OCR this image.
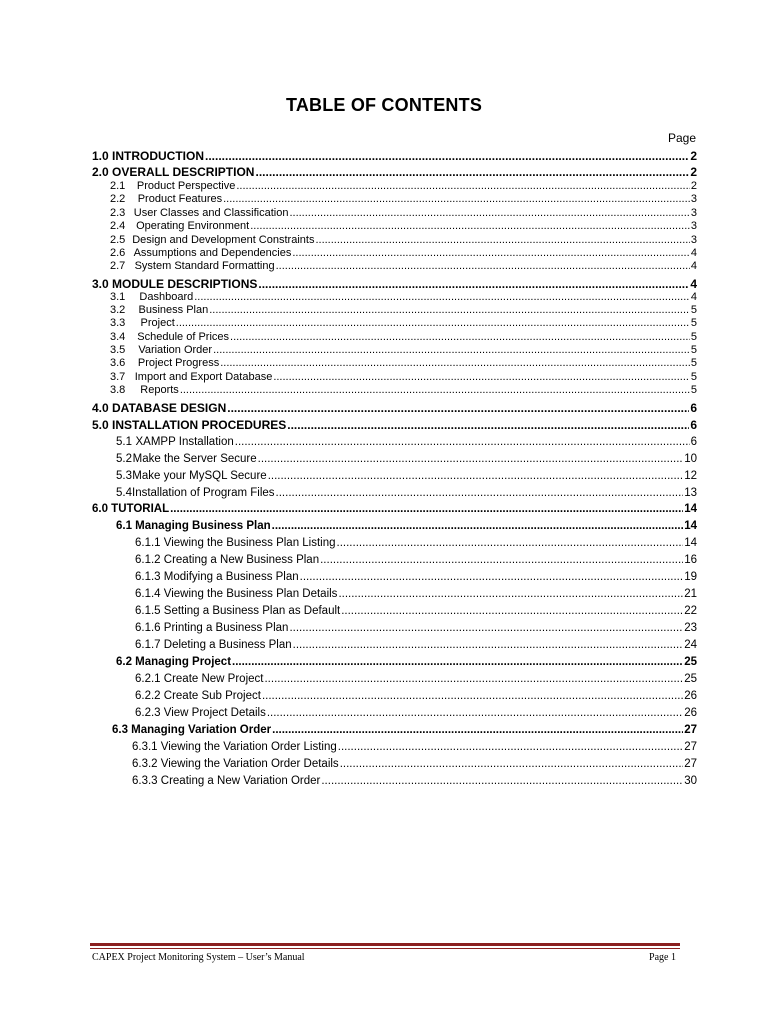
TABLE OF CONTENTS
Page
1.0 INTRODUCTION .....	2
2.0 OVERALL DESCRIPTION .....	2
2.1	Product Perspective .....	2
2.2	Product Features .....	3
2.3 User Classes and Classification .....	3
2.4 Operating Environment .....	3
2.5 Design and Development Constraints .....	3
2.6 Assumptions and Dependencies .....	4
2.7 System Standard Formatting .....	4
3.0 MODULE DESCRIPTIONS .....	4
3.1	Dashboard .....	4
3.2	Business Plan .....	5
3.3	Project .....	5
3.4	Schedule of Prices .....	5
3.5	Variation Order .....	5
3.6	Project Progress .....	5
3.7 Import and Export Database .....	5
3.8	Reports .....	5
4.0 DATABASE DESIGN .....	6
5.0 INSTALLATION PROCEDURES .....	6
5.1 XAMPP Installation .....	6
5.2 Make the Server Secure .....	10
5.3 Make your MySQL Secure .....	12
5.4 Installation of Program Files .....	13
6.0 TUTORIAL .....	14
6.1 Managing Business Plan .....	14
6.1.1 Viewing the Business Plan Listing .....	14
6.1.2 Creating a New Business Plan .....	16
6.1.3 Modifying a Business Plan .....	19
6.1.4 Viewing the Business Plan Details .....	21
6.1.5 Setting a Business Plan as Default .....	22
6.1.6 Printing a Business Plan .....	23
6.1.7 Deleting a Business Plan .....	24
6.2 Managing Project .....	25
6.2.1 Create New Project .....	25
6.2.2 Create Sub Project .....	26
6.2.3 View Project Details .....	26
6.3 Managing Variation Order .....	27
6.3.1 Viewing the Variation Order Listing .....	27
6.3.2 Viewing the Variation Order Details .....	27
6.3.3 Creating a New Variation Order .....	30
CAPEX Project Monitoring System – User’s Manual	Page 1
